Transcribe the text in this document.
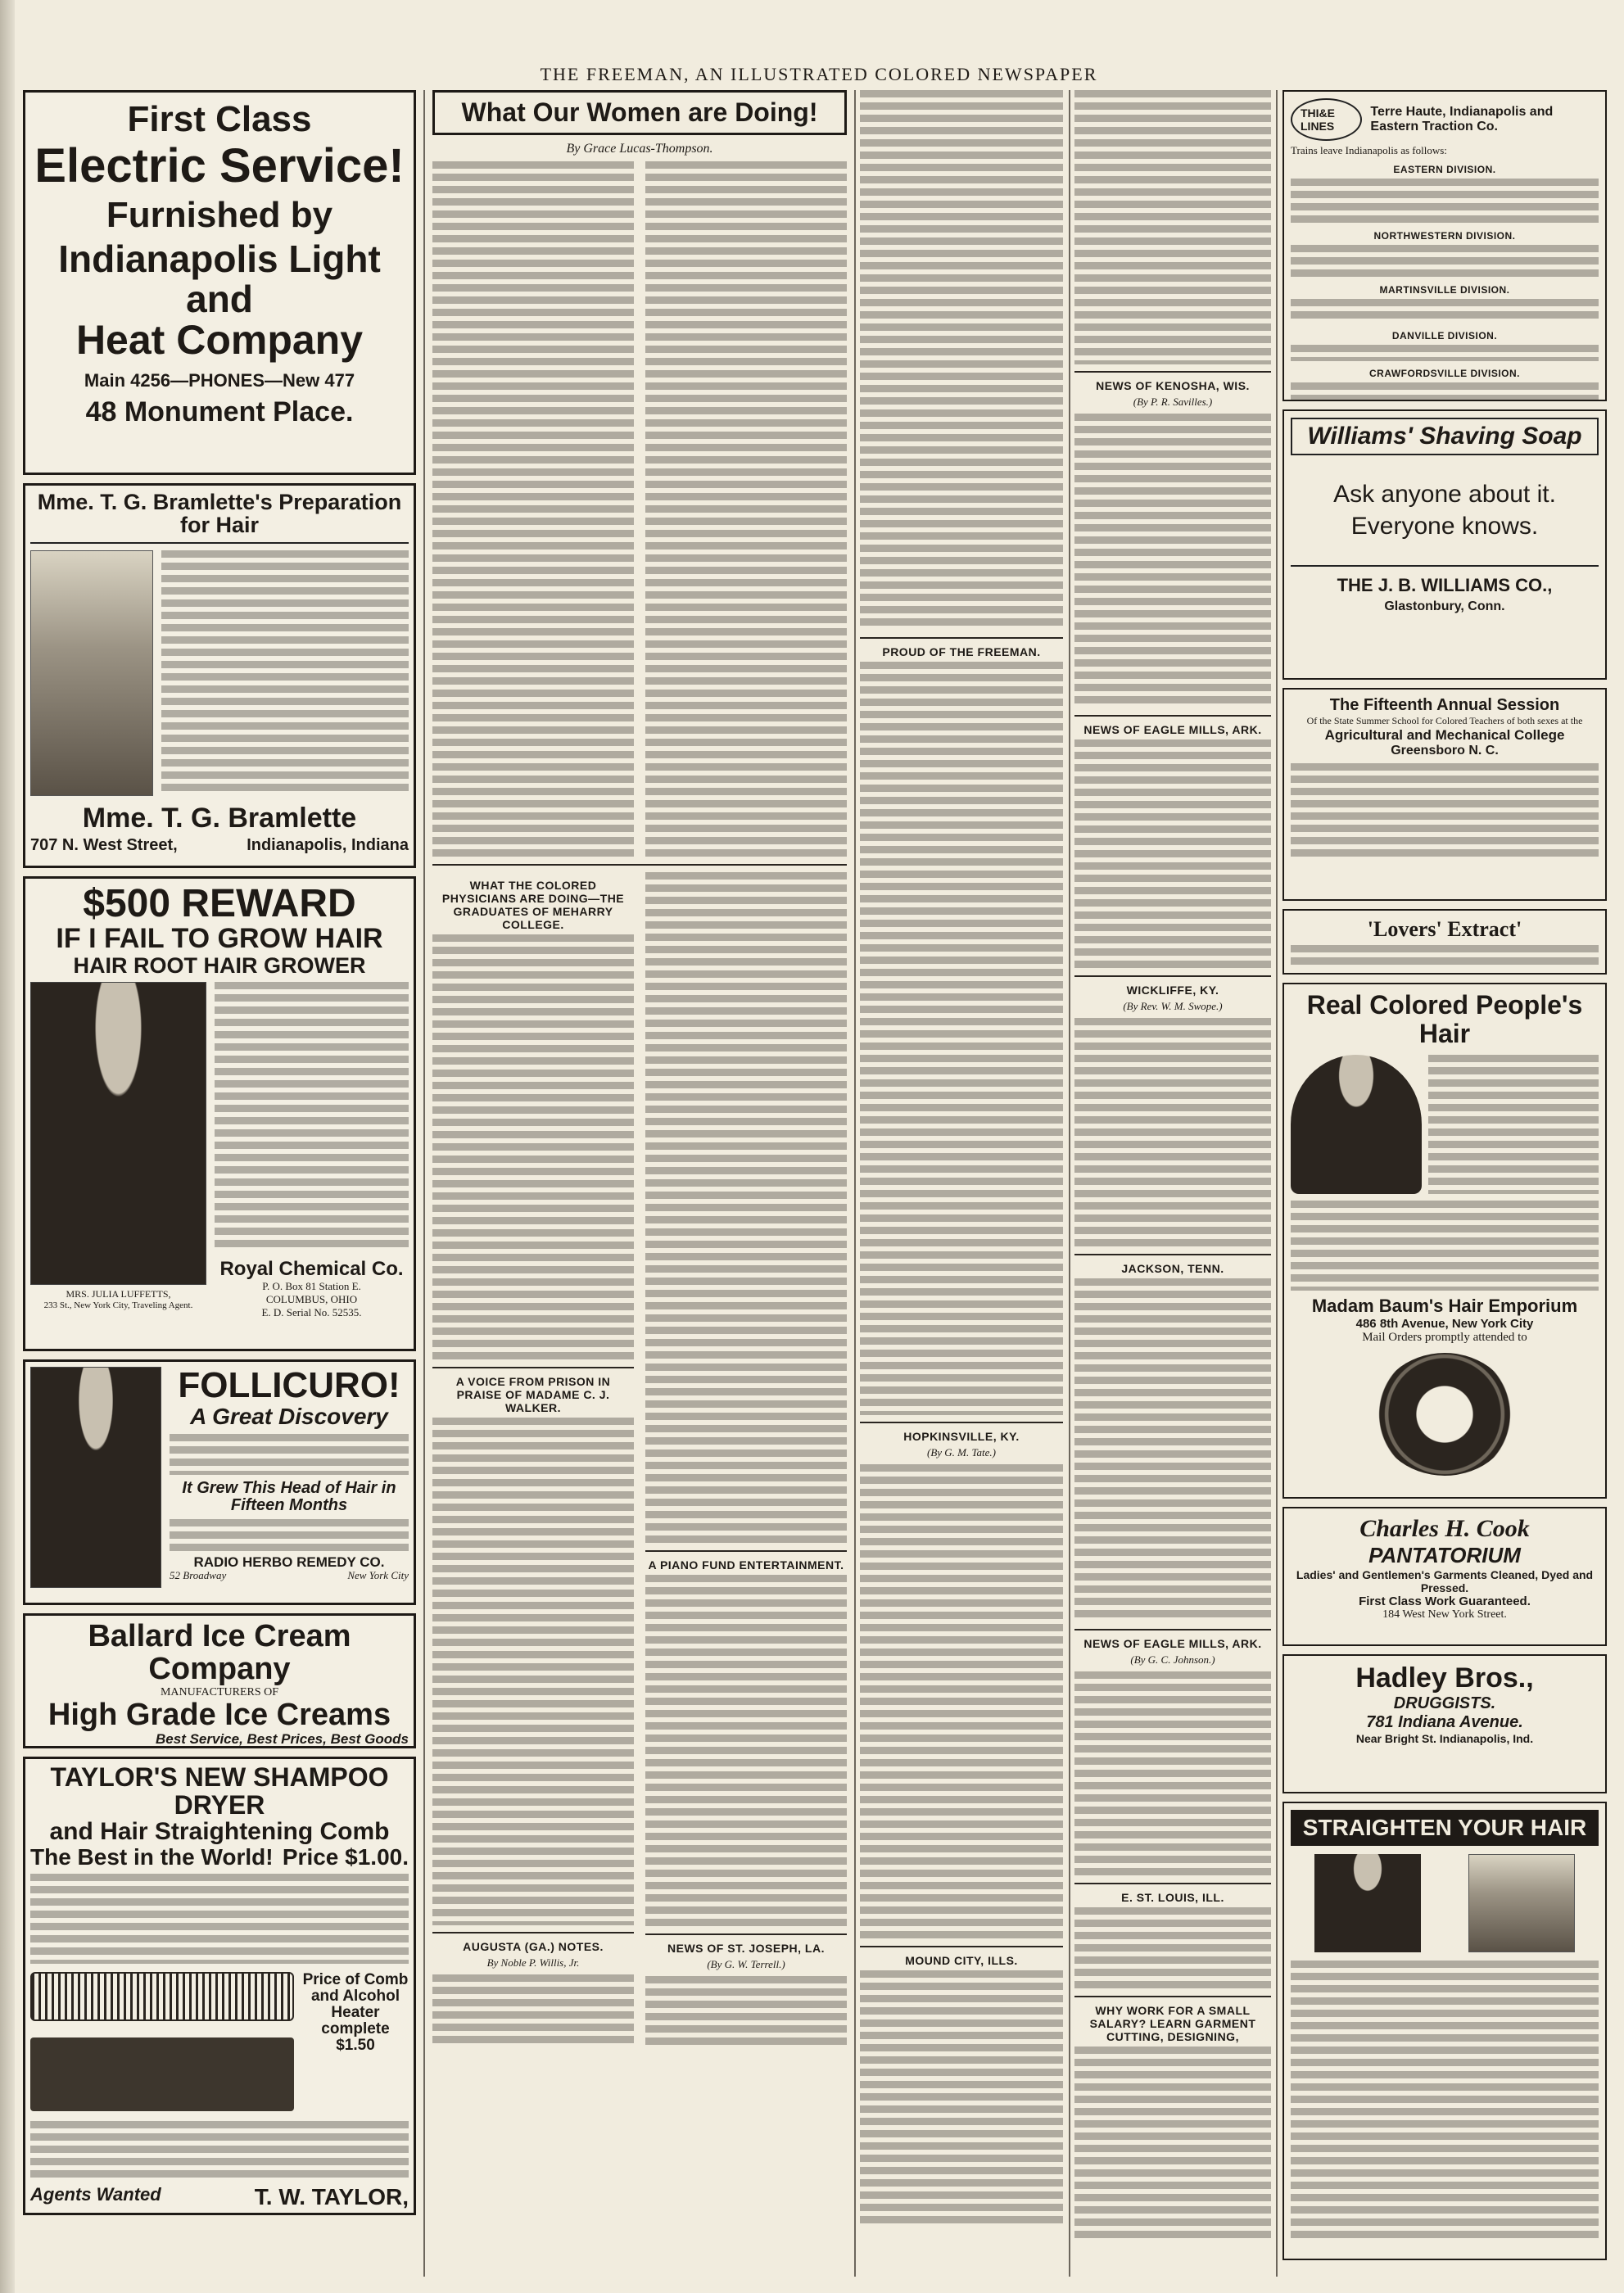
THE FREEMAN, AN ILLUSTRATED COLORED NEWSPAPER
First Class
Electric Service!
Furnished by
Indianapolis Light and
Heat Company
Main 4256—PHONES—New 477
48 Monument Place.
Mme. T. G. Bramlette's Preparation for Hair
Mme. T. G. Bramlette
707 N. West Street,	Indianapolis, Indiana
$500 REWARD
IF I FAIL TO GROW HAIR
HAIR ROOT HAIR GROWER
MRS. JULIA LUFFETTS,
233 St., New York City, Traveling Agent.
Royal Chemical Co.
P. O. Box 81 Station E.
COLUMBUS, OHIO
E. D. Serial No. 52535.
FOLLICURO!
A Great Discovery
It Grew This Head of Hair in Fifteen Months
RADIO HERBO REMEDY CO.
52 Broadway	New York City
Ballard Ice Cream Company
MANUFACTURERS OF
High Grade Ice Creams
Best Service, Best Prices, Best Goods
TAYLOR'S NEW SHAMPOO DRYER
and Hair Straightening Comb
The Best in the World! Price $1.00.
Price of Comb and Alcohol Heater complete $1.50
Agents Wanted	T. W. TAYLOR,
What Our Women are Doing!
By Grace Lucas-Thompson.
WHAT THE COLORED PHYSICIANS ARE DOING—THE GRADUATES OF MEHARRY COLLEGE.
A VOICE FROM PRISON IN PRAISE OF MADAME C. J. WALKER.
AUGUSTA (GA.) NOTES.
By Noble P. Willis, Jr.
A PIANO FUND ENTERTAINMENT.
NEWS OF ST. JOSEPH, LA.
(By G. W. Terrell.)
PROUD OF THE FREEMAN.
HOPKINSVILLE, KY.
(By G. M. Tate.)
MOUND CITY, ILLS.
NEWS OF KENOSHA, WIS.
(By P. R. Savilles.)
NEWS OF EAGLE MILLS, ARK.
WICKLIFFE, KY.
(By Rev. W. M. Swope.)
JACKSON, TENN.
NEWS OF EAGLE MILLS, ARK.
(By G. C. Johnson.)
E. ST. LOUIS, ILL.
WHY WORK FOR A SMALL SALARY? LEARN GARMENT CUTTING, DESIGNING,
THI&E LINES
Terre Haute, Indianapolis and Eastern Traction Co.
Trains leave Indianapolis as follows:
EASTERN DIVISION.
NORTHWESTERN DIVISION.
MARTINSVILLE DIVISION.
DANVILLE DIVISION.
CRAWFORDSVILLE DIVISION.
Williams' Shaving Soap
Ask anyone about it. Everyone knows.
THE J. B. WILLIAMS CO.,
Glastonbury, Conn.
The Fifteenth Annual Session
Of the State Summer School for Colored Teachers of both sexes at the
Agricultural and Mechanical College
Greensboro N. C.
'Lovers' Extract'
Real Colored People's Hair
Madam Baum's Hair Emporium
486 8th Avenue, New York City
Mail Orders promptly attended to
Charles H. Cook
PANTATORIUM
Ladies' and Gentlemen's Garments Cleaned, Dyed and Pressed.
First Class Work Guaranteed.
184 West New York Street.
Hadley Bros.,
DRUGGISTS.
781 Indiana Avenue.
Near Bright St. Indianapolis, Ind.
STRAIGHTEN YOUR HAIR
